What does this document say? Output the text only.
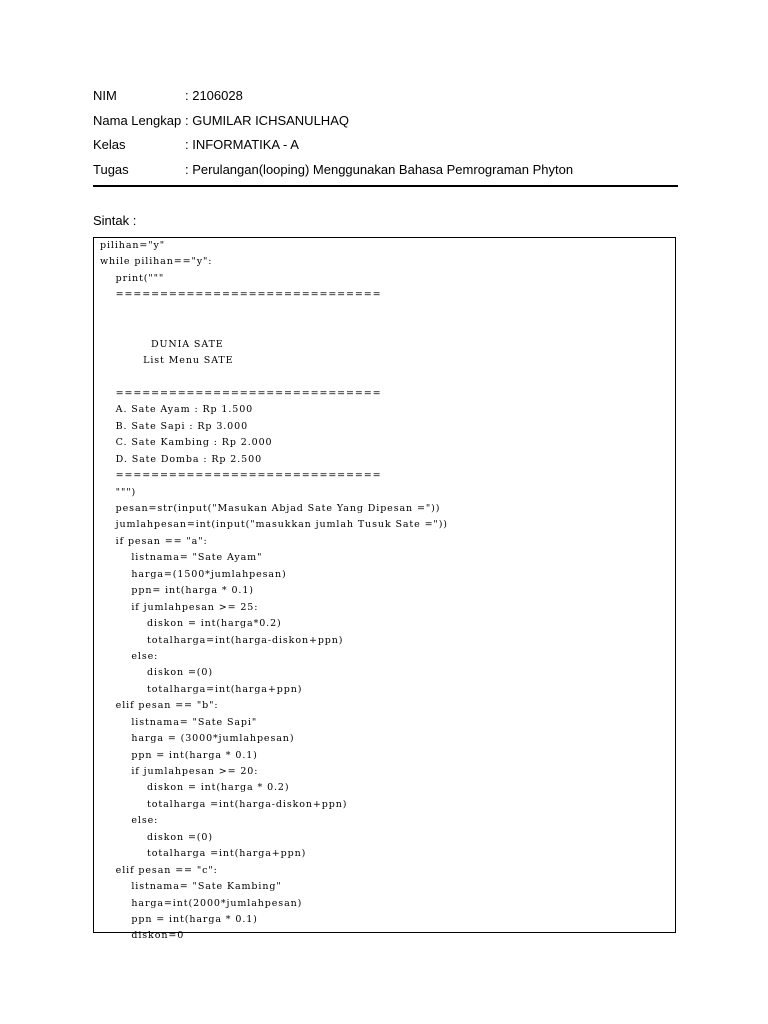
NIM	: 2106028
Nama Lengkap : GUMILAR ICHSANULHAQ
Kelas	: INFORMATIKA - A
Tugas	: Perulangan(looping) Menggunakan Bahasa Pemrograman Phyton
Sintak :
pilihan="y"
while pilihan=="y":
print("""
==============================
DUNIA SATE
List Menu SATE
==============================
A. Sate Ayam : Rp 1.500
B. Sate Sapi : Rp 3.000
C. Sate Kambing : Rp 2.000
D. Sate Domba : Rp 2.500
==============================
""")
pesan=str(input("Masukan Abjad Sate Yang Dipesan ="))
jumlahpesan=int(input("masukkan jumlah Tusuk Sate ="))
if pesan == "a":
listnama= "Sate Ayam"
harga=(1500*jumlahpesan)
ppn= int(harga * 0.1)
if jumlahpesan >= 25:
diskon = int(harga*0.2)
totalharga=int(harga-diskon+ppn)
else:
diskon =(0)
totalharga=int(harga+ppn)
elif pesan == "b":
listnama= "Sate Sapi"
harga = (3000*jumlahpesan)
ppn = int(harga * 0.1)
if jumlahpesan >= 20:
diskon = int(harga * 0.2)
totalharga =int(harga-diskon+ppn)
else:
diskon =(0)
totalharga =int(harga+ppn)
elif pesan == "c":
listnama= "Sate Kambing"
harga=int(2000*jumlahpesan)
ppn = int(harga * 0.1)
diskon=0
